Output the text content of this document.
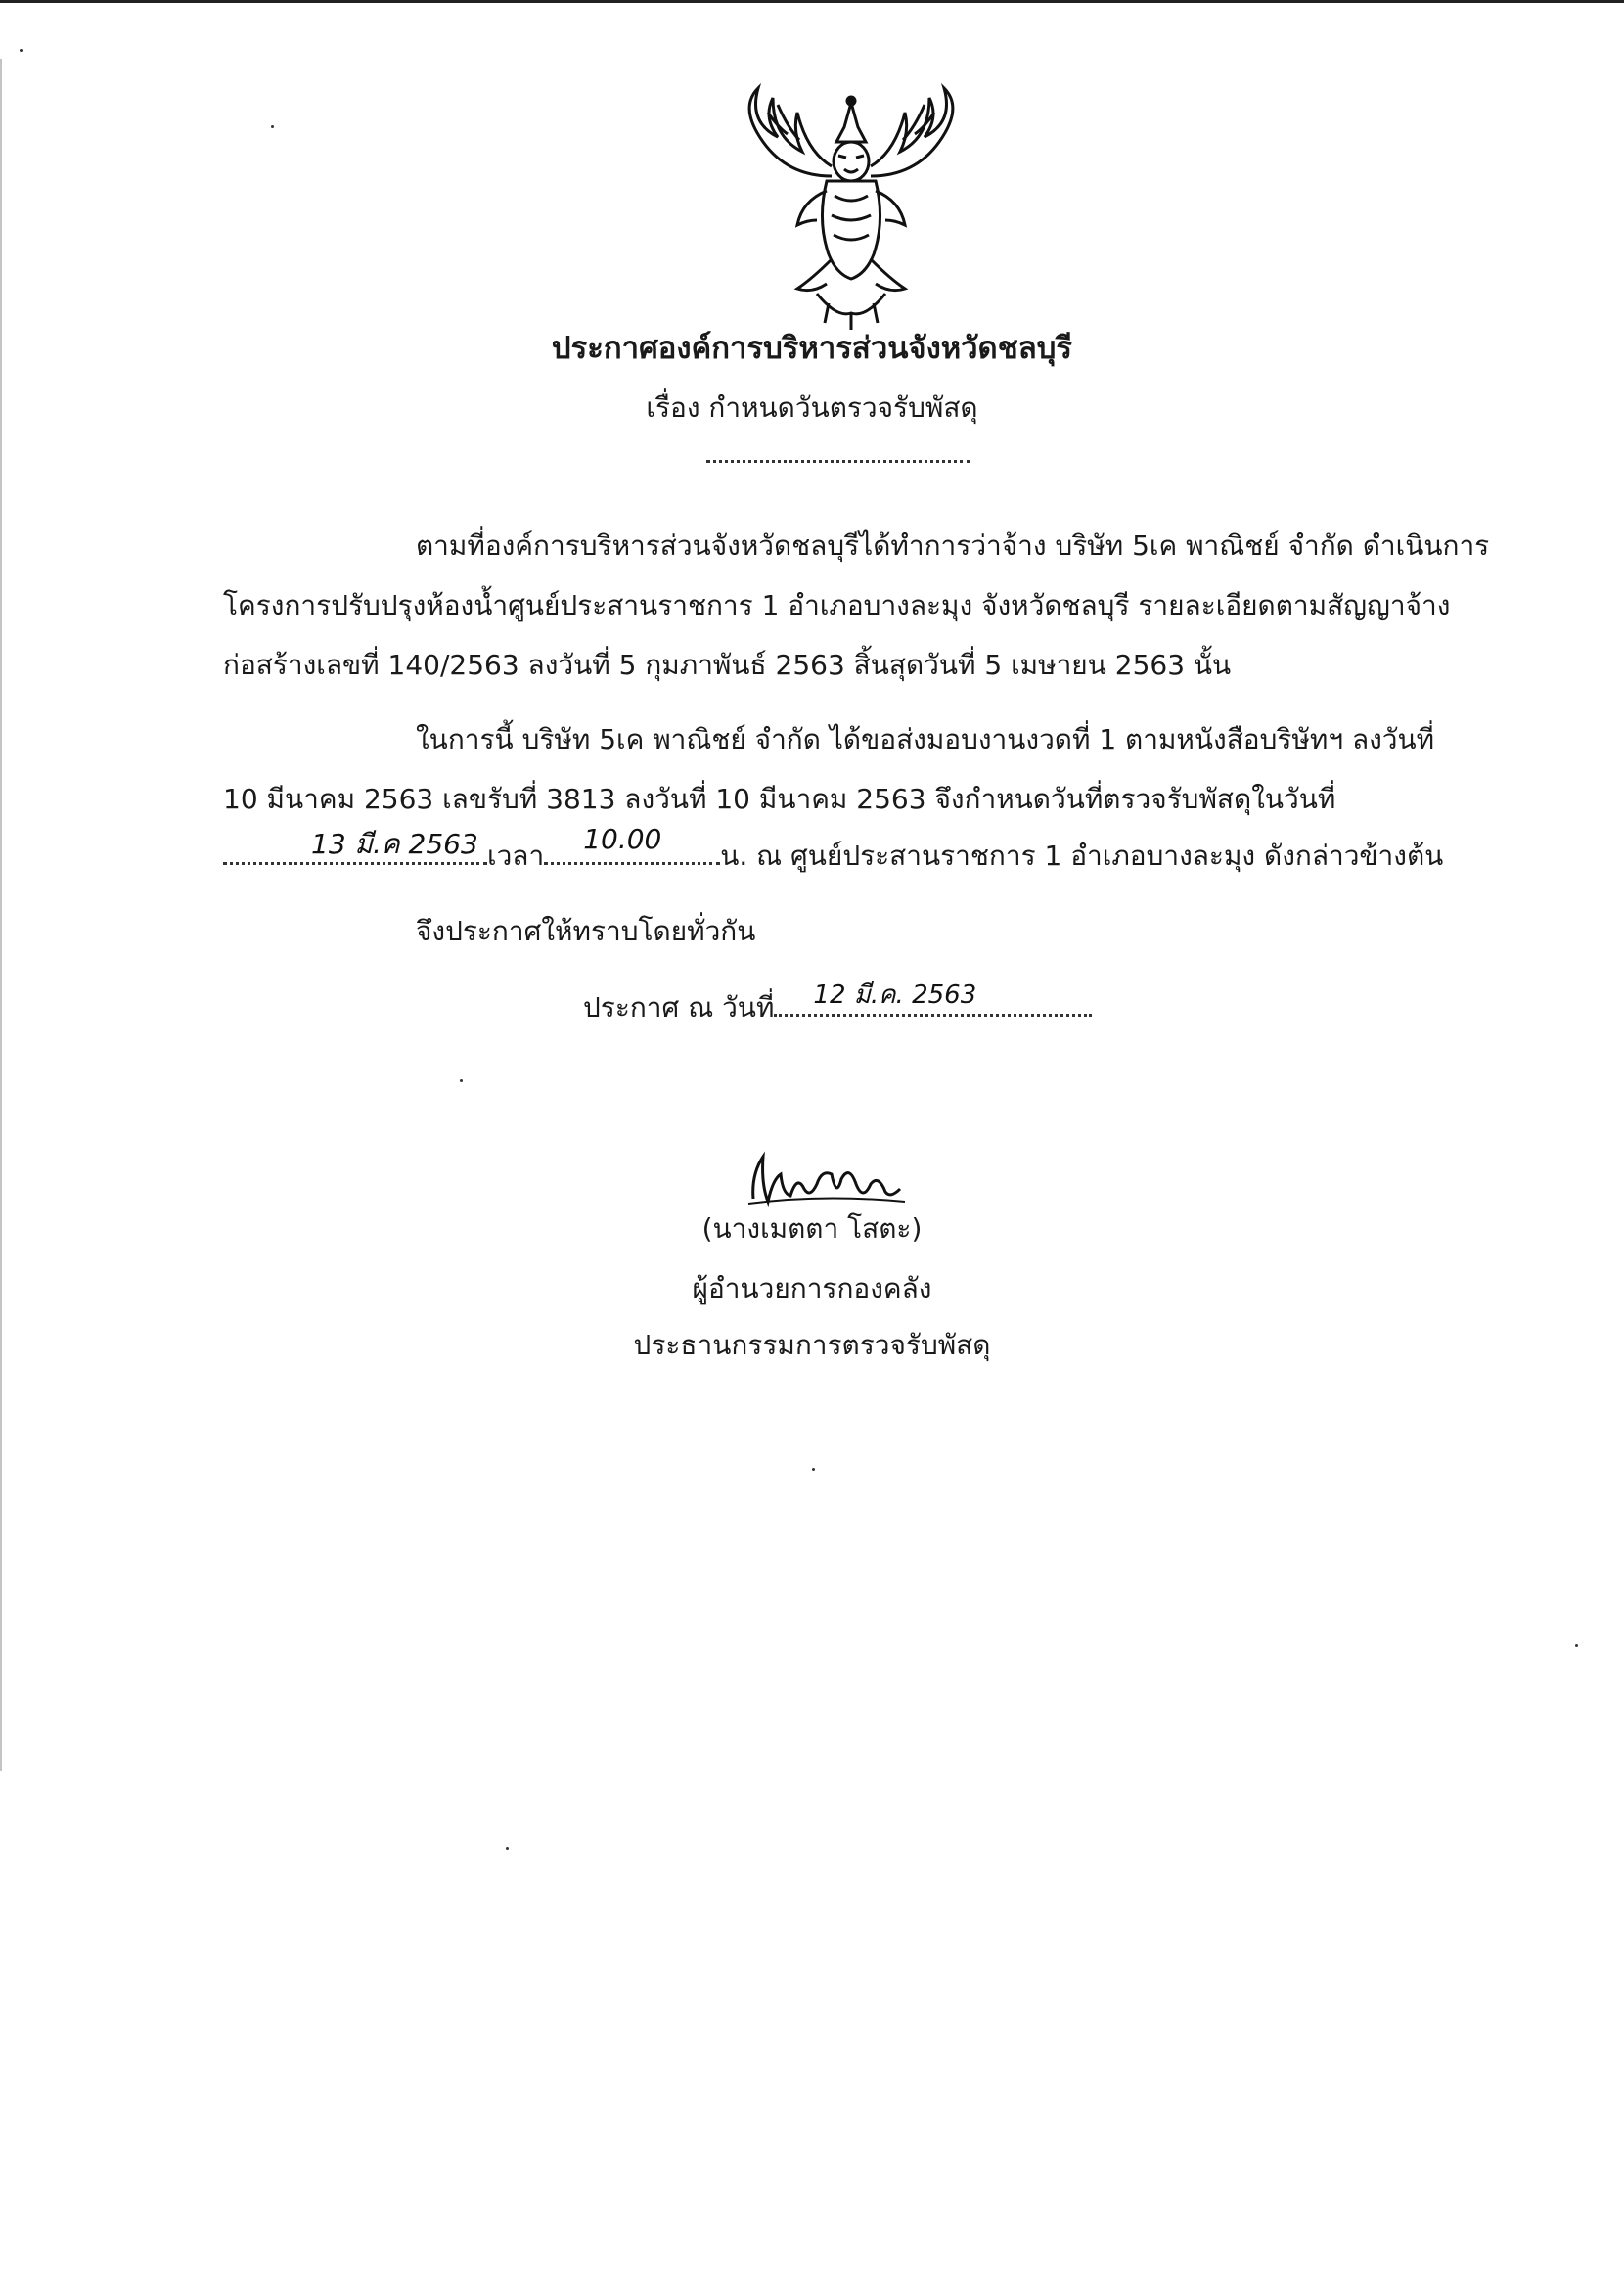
ประกาศองค์การบริหารส่วนจังหวัดชลบุรี
เรื่อง กำหนดวันตรวจรับพัสดุ
ตามที่องค์การบริหารส่วนจังหวัดชลบุรีได้ทำการว่าจ้าง บริษัท 5เค พาณิชย์ จำกัด ดำเนินการ
โครงการปรับปรุงห้องน้ำศูนย์ประสานราชการ 1 อำเภอบางละมุง จังหวัดชลบุรี รายละเอียดตามสัญญาจ้าง
ก่อสร้างเลขที่ 140/2563 ลงวันที่ 5 กุมภาพันธ์ 2563 สิ้นสุดวันที่ 5 เมษายน 2563 นั้น
ในการนี้ บริษัท 5เค พาณิชย์ จำกัด ได้ขอส่งมอบงานงวดที่ 1 ตามหนังสือบริษัทฯ ลงวันที่
10 มีนาคม 2563 เลขรับที่ 3813 ลงวันที่ 10 มีนาคม 2563 จึงกำหนดวันที่ตรวจรับพัสดุในวันที่
13 มี.ค 2563 เวลา
10.00
น. ณ ศูนย์ประสานราชการ 1 อำเภอบางละมุง ดังกล่าวข้างต้น
จึงประกาศให้ทราบโดยทั่วกัน
ประกาศ ณ วันที่ 12 มี.ค. 2563
(นางเมตตา โสตะ)
ผู้อำนวยการกองคลัง
ประธานกรรมการตรวจรับพัสดุ
